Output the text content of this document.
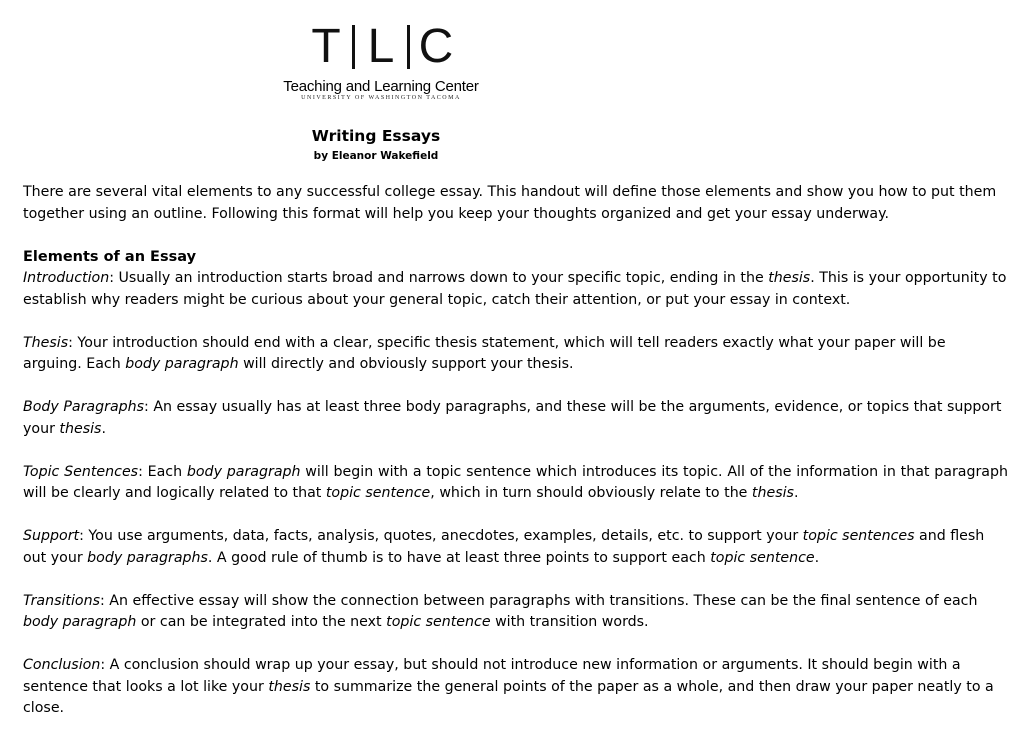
T L C
Teaching and Learning Center
UNIVERSITY OF WASHINGTON TACOMA
Writing Essays
by Eleanor Wakefield

There are several vital elements to any successful college essay. This handout will define those elements and show you how to put them together using an outline. Following this format will help you keep your thoughts organized and get your essay underway.

Elements of an Essay

Introduction: Usually an introduction starts broad and narrows down to your specific topic, ending in the thesis. This is your opportunity to establish why readers might be curious about your general topic, catch their attention, or put your essay in context.

Thesis: Your introduction should end with a clear, specific thesis statement, which will tell readers exactly what your paper will be arguing. Each body paragraph will directly and obviously support your thesis.

Body Paragraphs: An essay usually has at least three body paragraphs, and these will be the arguments, evidence, or topics that support your thesis.

Topic Sentences: Each body paragraph will begin with a topic sentence which introduces its topic. All of the information in that paragraph will be clearly and logically related to that topic sentence, which in turn should obviously relate to the thesis.

Support: You use arguments, data, facts, analysis, quotes, anecdotes, examples, details, etc. to support your topic sentences and flesh out your body paragraphs. A good rule of thumb is to have at least three points to support each topic sentence.

Transitions: An effective essay will show the connection between paragraphs with transitions. These can be the final sentence of each body paragraph or can be integrated into the next topic sentence with transition words.

Conclusion: A conclusion should wrap up your essay, but should not introduce new information or arguments. It should begin with a sentence that looks a lot like your thesis to summarize the general points of the paper as a whole, and then draw your paper neatly to a close.
